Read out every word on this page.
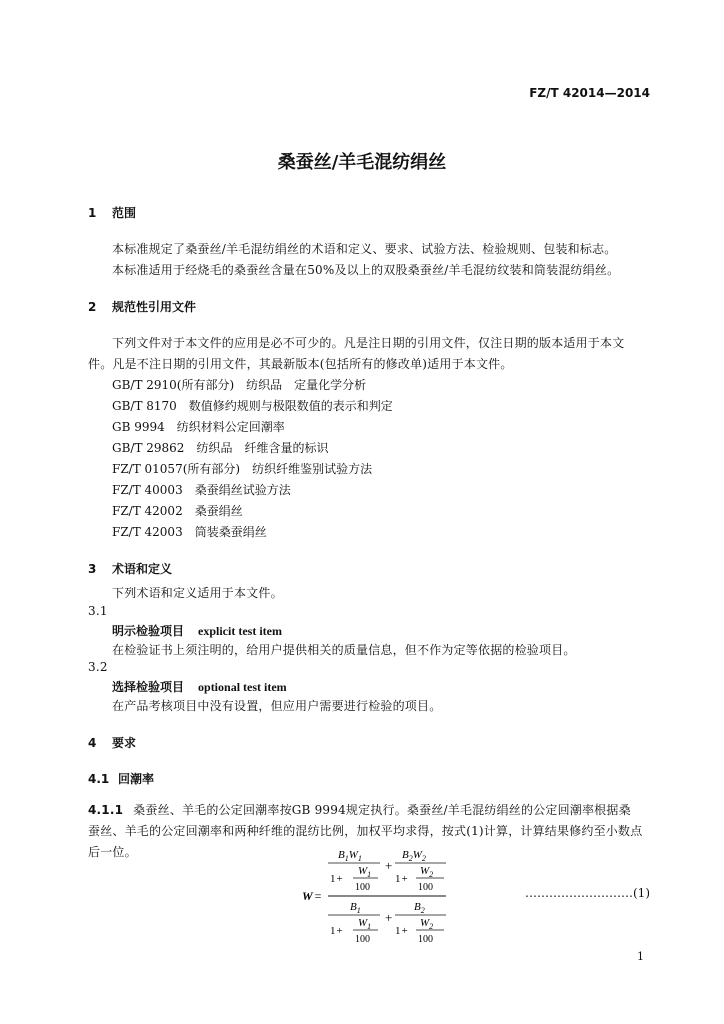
FZ/T 42014—2014
桑蚕丝/羊毛混纺绢丝
1 范围
本标准规定了桑蚕丝/羊毛混纺绢丝的术语和定义、要求、试验方法、检验规则、包装和标志。
本标准适用于经烧毛的桑蚕丝含量在50%及以上的双股桑蚕丝/羊毛混纺纹装和筒装混纺绢丝。
2 规范性引用文件
下列文件对于本文件的应用是必不可少的。凡是注日期的引用文件，仅注日期的版本适用于本文
件。凡是不注日期的引用文件，其最新版本(包括所有的修改单)适用于本文件。
GB/T 2910(所有部分)　纺织品　定量化学分析
GB/T 8170　数值修约规则与极限数值的表示和判定
GB 9994　纺织材料公定回潮率
GB/T 29862　纺织品　纤维含量的标识
FZ/T 01057(所有部分)　纺织纤维鉴别试验方法
FZ/T 40003　桑蚕绢丝试验方法
FZ/T 42002　桑蚕绢丝
FZ/T 42003　筒装桑蚕绢丝
3 术语和定义
下列术语和定义适用于本文件。
3.1
明示检验项目 explicit test item
在检验证书上须注明的，给用户提供相关的质量信息，但不作为定等依据的检验项目。
3.2
选择检验项目 optional test item
在产品考核项目中没有设置，但应用户需要进行检验的项目。
4 要求
4.1 回潮率
4.1.1 桑蚕丝、羊毛的公定回潮率按GB 9994规定执行。桑蚕丝/羊毛混纺绢丝的公定回潮率根据桑
蚕丝、羊毛的公定回潮率和两种纤维的混纺比例，加权平均求得，按式(1)计算，计算结果修约至小数点
后一位。	$B_1W_1$
$W_1$
1+
100
+
$B_2W_2$
$W_2$
1+
100
W =
$B_1$
$W_1$
1+
100
+
$B_2$
$W_2$
1+
100
………………………(1)
1
